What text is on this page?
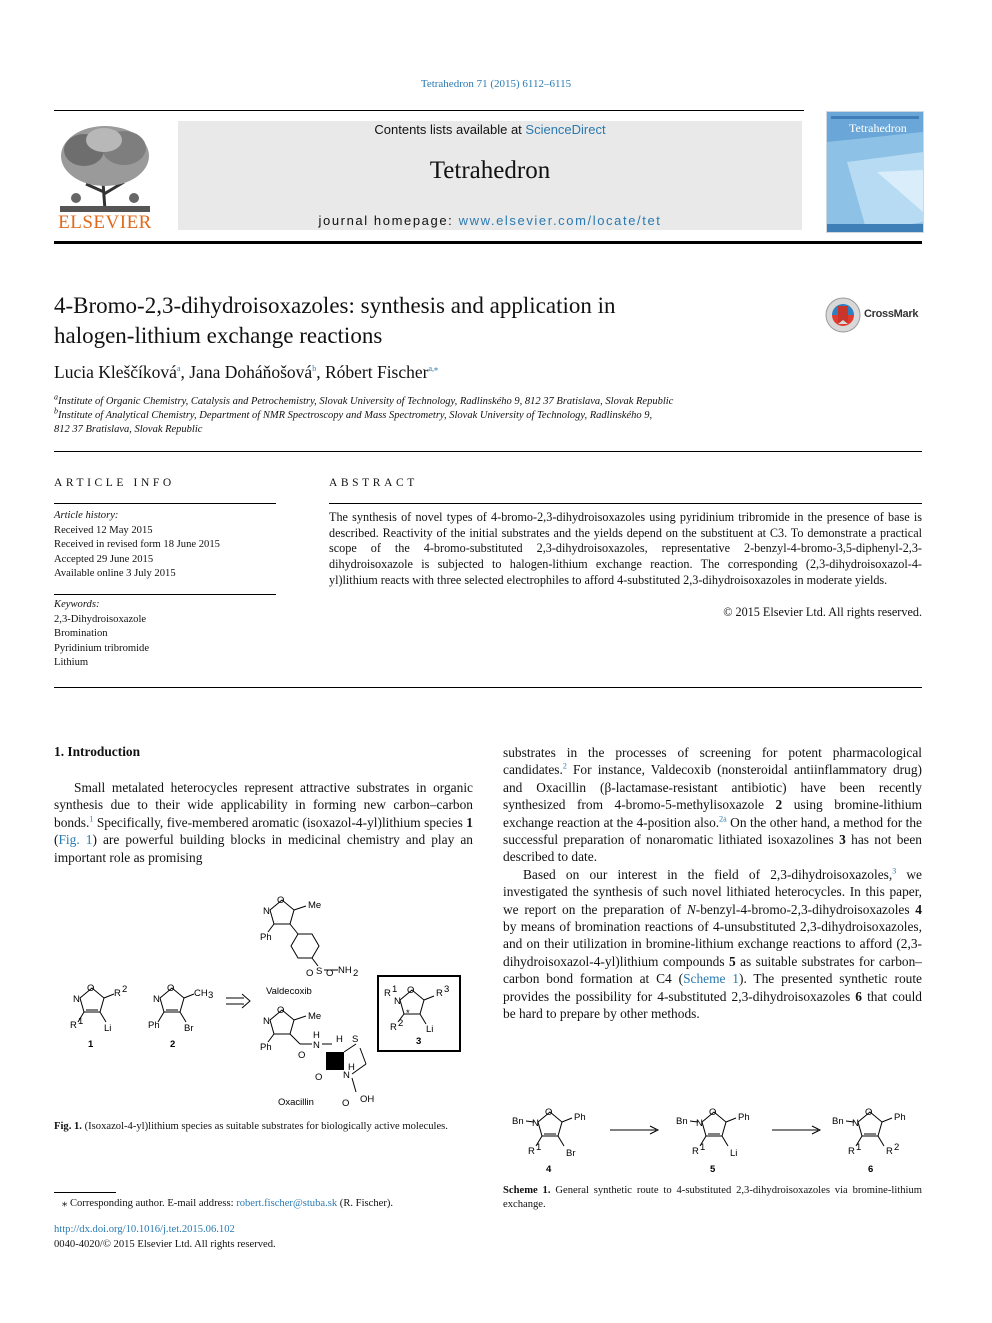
Tetrahedron 71 (2015) 6112–6115
ELSEVIER
Contents lists available at ScienceDirect
Tetrahedron
journal homepage: www.elsevier.com/locate/tet
Tetrahedron
4-Bromo-2,3-dihydroisoxazoles: synthesis and application in
halogen-lithium exchange reactions
CrossMark
Lucia Kleščíková$^a$, Jana Doháňošová$^b$, Róbert Fischer$^{a,⁎}$
$^a$Institute of Organic Chemistry, Catalysis and Petrochemistry, Slovak University of Technology, Radlinského 9, 812 37 Bratislava, Slovak Republic
$^b$Institute of Analytical Chemistry, Department of NMR Spectroscopy and Mass Spectrometry, Slovak University of Technology, Radlinského 9,
812 37 Bratislava, Slovak Republic
ARTICLE INFO
Article history:
Received 12 May 2015
Received in revised form 18 June 2015
Accepted 29 June 2015
Available online 3 July 2015
Keywords:
2,3-Dihydroisoxazole
Bromination
Pyridinium tribromide
Lithium
ABSTRACT
The synthesis of novel types of 4-bromo-2,3-dihydroisoxazoles using pyridinium tribromide in the presence of base is described. Reactivity of the initial substrates and the yields depend on the substituent at C3. To demonstrate a practical scope of the 4-bromo-substituted 2,3-dihydroisoxazoles, representative 2-benzyl-4-bromo-3,5-diphenyl-2,3-dihydroisoxazole is subjected to halogen-lithium exchange reaction. The corresponding (2,3-dihydroisoxazol-4-yl)lithium reacts with three selected electrophiles to afford 4-substituted 2,3-dihydroisoxazoles in moderate yields.
© 2015 Elsevier Ltd. All rights reserved.
1. Introduction

Small metalated heterocycles represent attractive substrates in organic synthesis due to their wide applicability in forming new carbon–carbon bonds.$^1$ Specifically, five-membered aromatic (isoxazol-4-yl)lithium species 1 (Fig. 1) are powerful building blocks in medicinal chemistry and play an important role as promising

O
N
R 2
R 1
Li
1
O
N
CH 3
Ph	Br
2
O
N
Me
Ph
S
O O NH 2
Valdecoxib
O
N	Me
Ph
O
N
H	S
N
O
O OH
H
H
Oxacillin
O
N
R 1	R 3
R 2
Li
*
3
Fig. 1. (Isoxazol-4-yl)lithium species as suitable substrates for biologically active molecules.

substrates in the processes of screening for potent pharmacological candidates.$^2$ For instance, Valdecoxib (nonsteroidal antiinflammatory drug) and Oxacillin (β-lactamase-resistant antibiotic) have been recently synthesized from 4-bromo-5-methylisoxazole 2 using bromine-lithium exchange reaction at the 4-position also.$^{2a}$ On the other hand, a method for the successful preparation of nonaromatic lithiated isoxazolines 3 has not been described to date.

Based on our interest in the field of 2,3-dihydroisoxazoles,$^3$ we investigated the synthesis of such novel lithiated heterocycles. In this paper, we report on the preparation of N-benzyl-4-bromo-2,3-dihydroisoxazoles 4 by means of bromination reactions of 4-unsubstituted 2,3-dihydroisoxazoles, and on their utilization in bromine-lithium exchange reactions to afford (2,3-dihydroisoxazol-4-yl)lithium compounds 5 as suitable substrates for carbon–carbon bond formation at C4 (Scheme 1). The presented synthetic route provides the possibility for 4-substituted 2,3-dihydroisoxazoles 6 that could be hard to prepare by other methods.

O
N
Bn	Ph
R 1
Br
4
O
N
Bn	Ph
R 1
Li
5
O
N
Bn	Ph
R 1	R 2
6
Scheme 1. General synthetic route to 4-substituted 2,3-dihydroisoxazoles via bromine-lithium exchange.
⁎ Corresponding author. E-mail address: robert.fischer@stuba.sk (R. Fischer).
http://dx.doi.org/10.1016/j.tet.2015.06.102
0040-4020/© 2015 Elsevier Ltd. All rights reserved.
